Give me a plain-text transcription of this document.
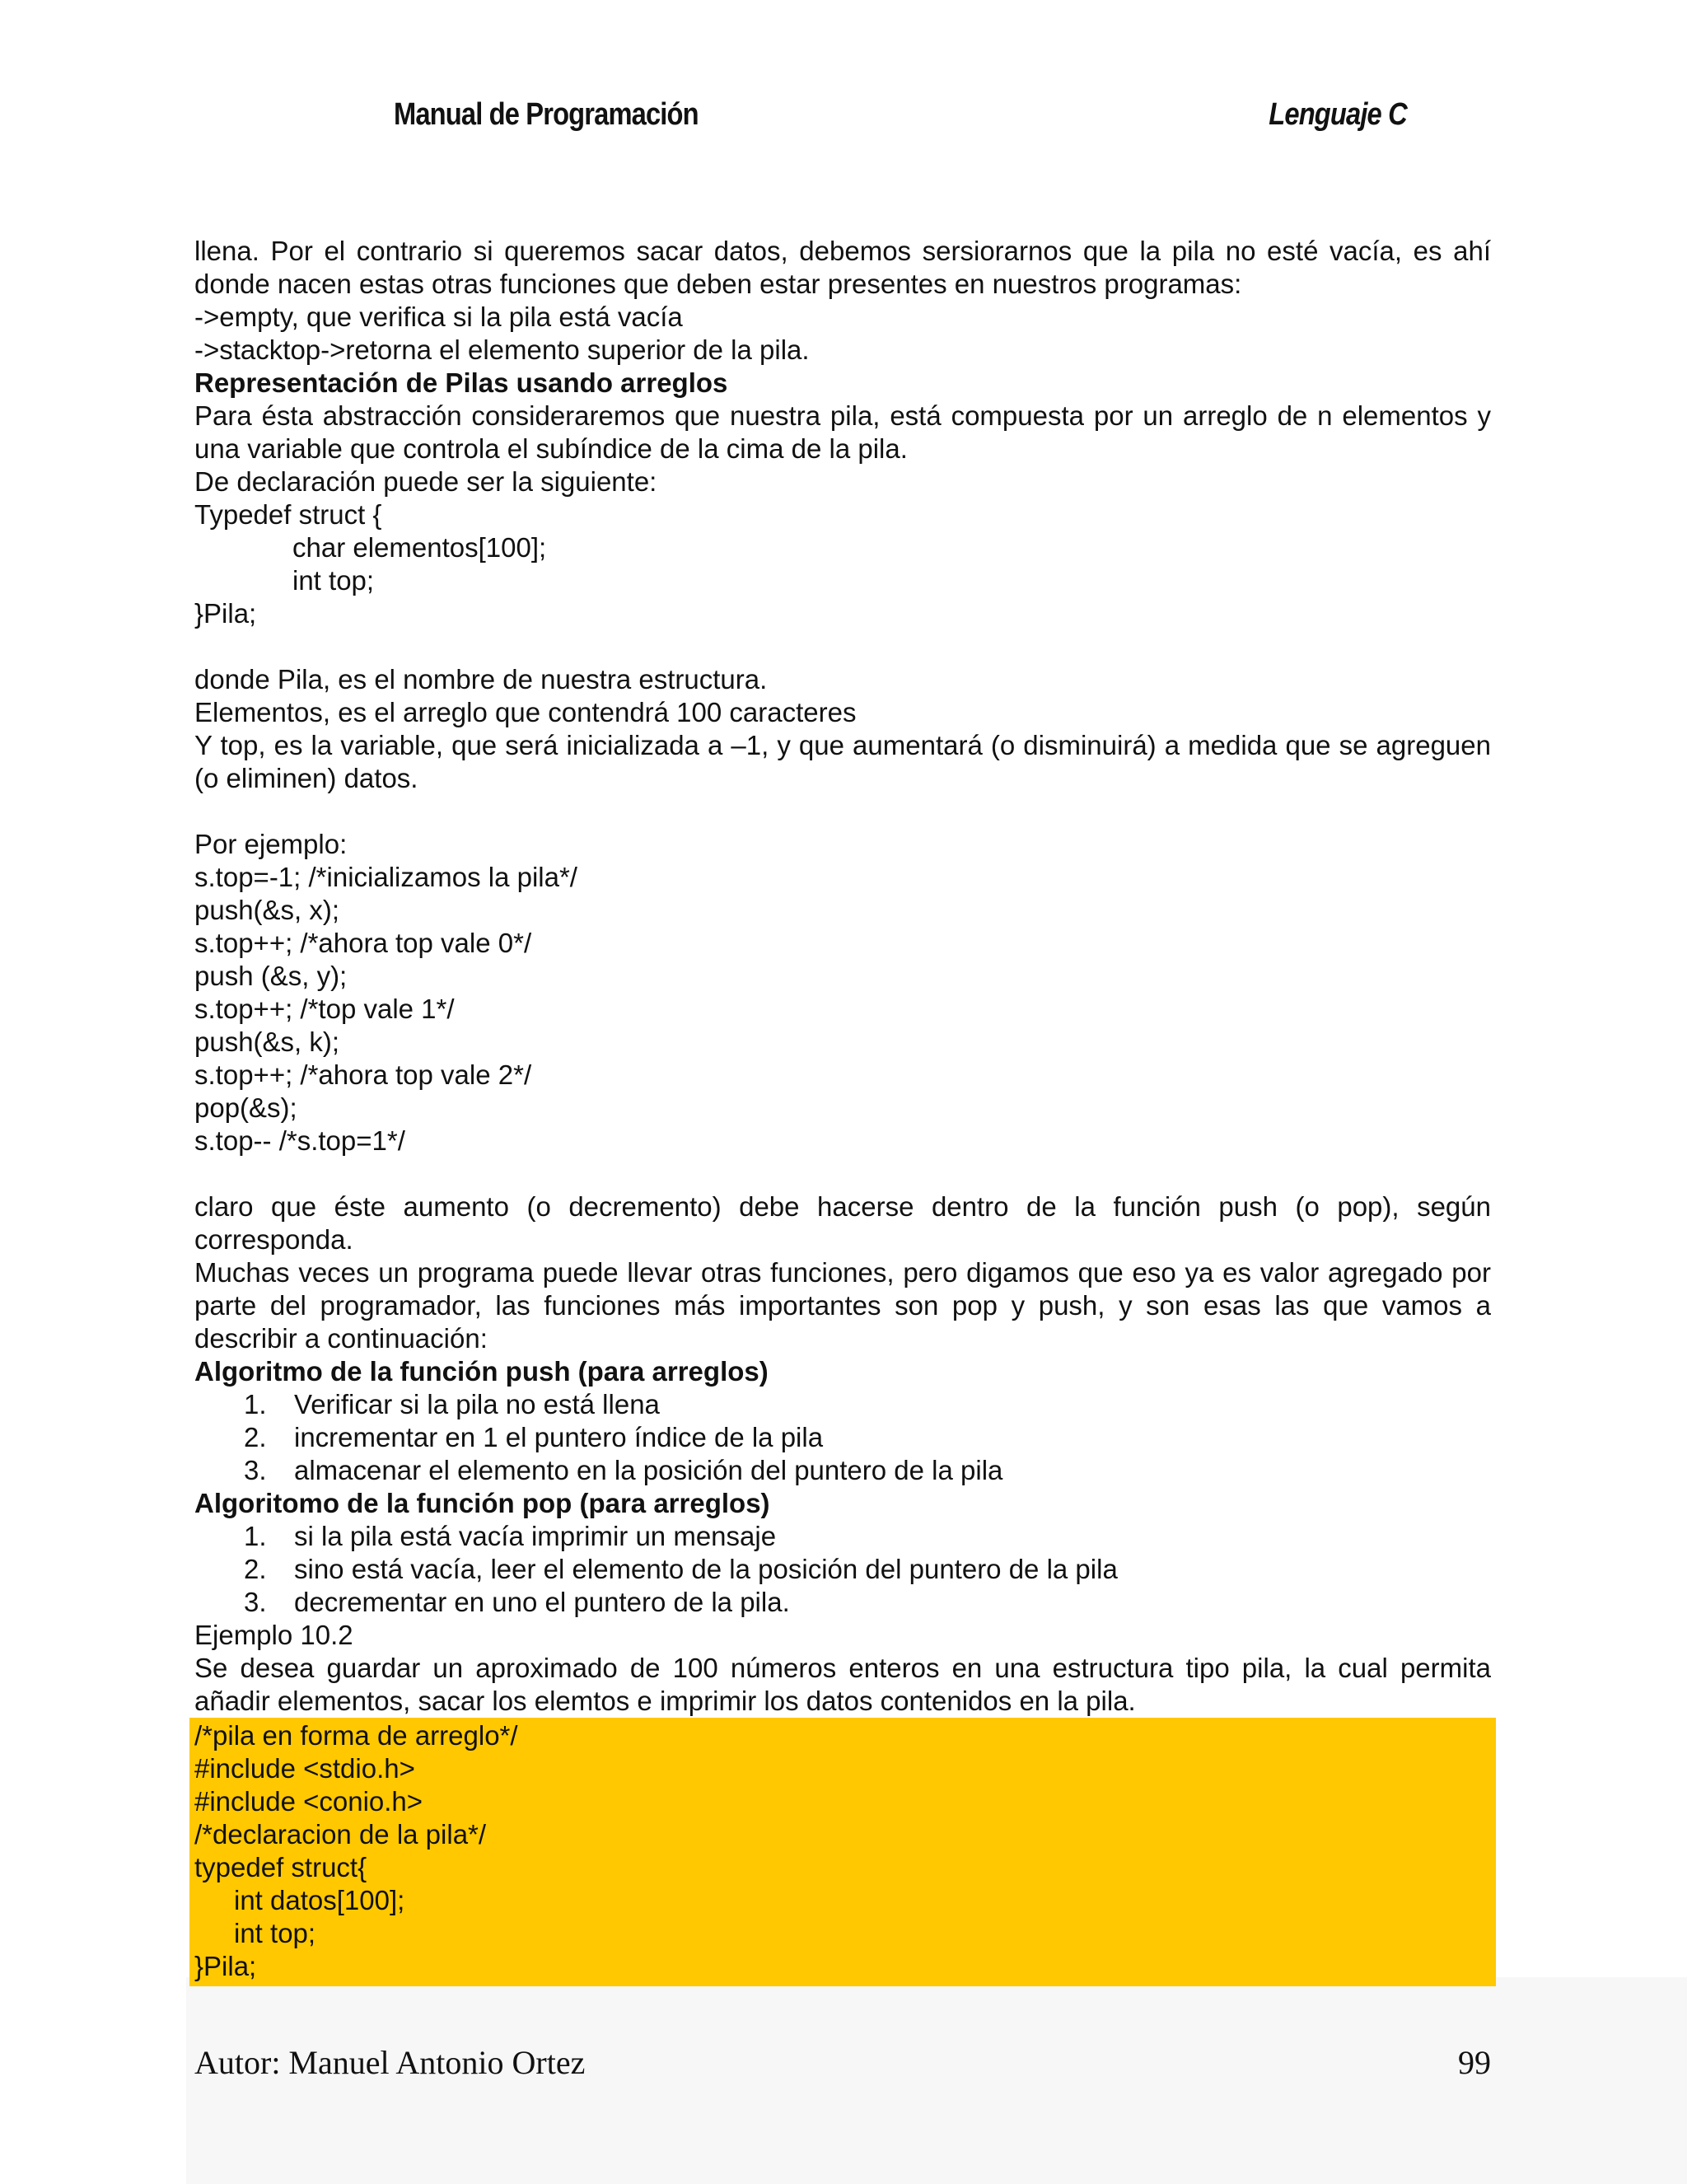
Manual de Programación	Lenguaje C

llena. Por el contrario si queremos sacar datos, debemos sersiorarnos que la pila no esté vacía, es ahí donde nacen estas otras funciones que deben estar presentes en nuestros programas:

->empty, que verifica si la pila está vacía

->stacktop->retorna el elemento superior de la pila.

Representación de Pilas usando arreglos

Para ésta abstracción consideraremos que nuestra pila, está compuesta por un arreglo de n elementos y una variable que controla el subíndice de la cima de la pila.

De declaración puede ser la siguiente:

Typedef struct {

char elementos[100];

int top;

}Pila;

donde Pila, es el nombre de nuestra estructura.

Elementos, es el arreglo que contendrá 100 caracteres

Y top, es la variable, que será inicializada a –1, y que aumentará (o disminuirá) a medida que se agreguen (o eliminen) datos.

Por ejemplo:

s.top=-1; /*inicializamos la pila*/

push(&s, x);

s.top++; /*ahora top vale 0*/

push (&s, y);

s.top++; /*top vale 1*/

push(&s, k);

s.top++; /*ahora top vale 2*/

pop(&s);

s.top-- /*s.top=1*/

claro que éste aumento (o decremento) debe hacerse dentro de la función push (o pop), según corresponda.

Muchas veces un programa puede llevar otras funciones, pero digamos que eso ya es valor agregado por parte del programador, las funciones más importantes son pop y push, y son esas las que vamos a describir a continuación:

Algoritmo de la función push (para arreglos)

1. Verificar si la pila no está llena
2. incrementar en 1 el puntero índice de la pila
3. almacenar el elemento en la posición del puntero de la pila

Algoritomo de la función pop (para arreglos)

1. si la pila está vacía imprimir un mensaje
2. sino está vacía, leer el elemento de la posición del puntero de la pila
3. decrementar en uno el puntero de la pila.

Ejemplo 10.2

Se desea guardar un aproximado de 100 números enteros en una estructura tipo pila, la cual permita añadir elementos, sacar los elemtos e imprimir los datos contenidos en la pila.

/*pila en forma de arreglo*/

#include <stdio.h>

#include <conio.h>

/*declaracion de la pila*/

typedef struct{

int datos[100];

int top;

}Pila;

Autor: Manuel Antonio Ortez	99
